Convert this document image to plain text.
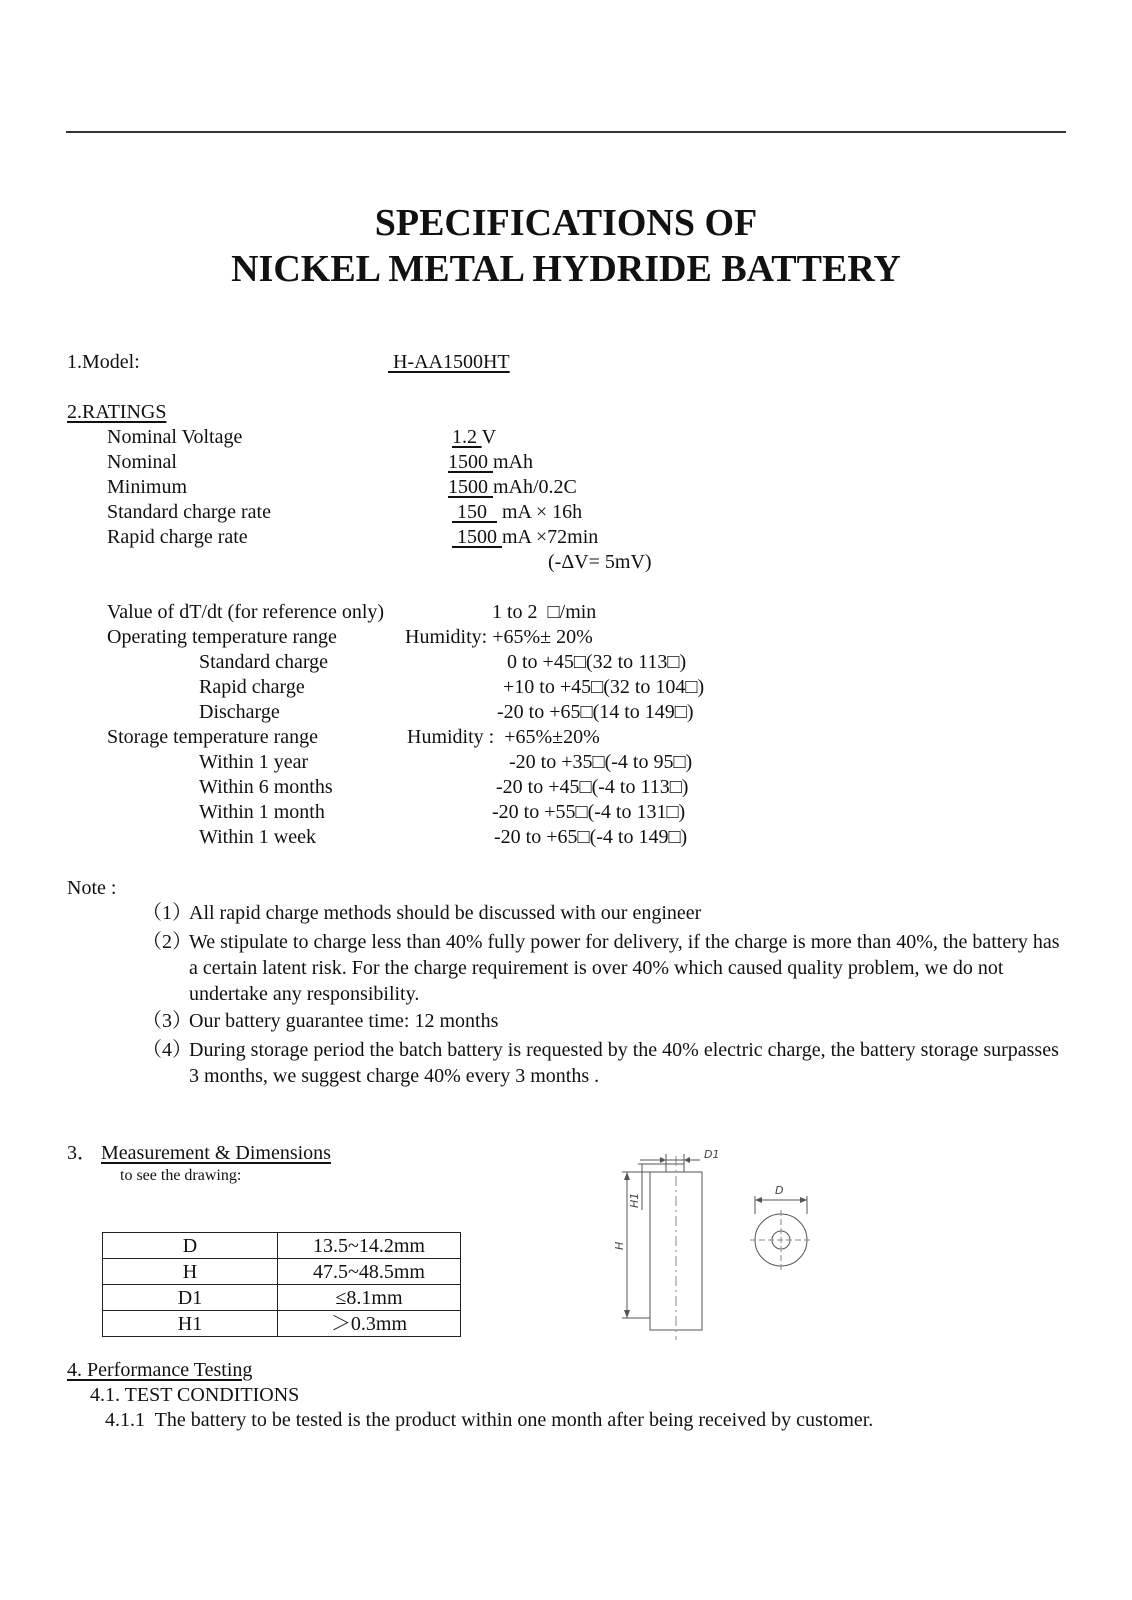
SPECIFICATIONS OF
NICKEL METAL HYDRIDE BATTERY
1.Model:	H-AA1500HT
2.RATINGS
Nominal Voltage	1.2 V
Nominal	1500 mAh
Minimum	1500 mAh/0.2C
Standard charge rate	150   mA × 16h
Rapid charge rate	1500 mA ×72min
(-ΔV= 5mV)
Value of dT/dt (for reference only)	1 to 2  □/min
Operating temperature range	Humidity: +65%± 20%
Standard charge	0 to +45□(32 to 113□)
Rapid charge	+10 to +45□(32 to 104□)
Discharge	-20 to +65□(14 to 149□)
Storage temperature range	Humidity :  +65%±20%
Within 1 year	-20 to +35□(-4 to 95□)
Within 6 months	-20 to +45□(-4 to 113□)
Within 1 month	-20 to +55□(-4 to 131□)
Within 1 week	-20 to +65□(-4 to 149□)
Note :
（1）
All rapid charge methods should be discussed with our engineer
（2）
We stipulate to charge less than 40% fully power for delivery, if the charge is more than 40%, the battery has a certain latent risk. For the charge requirement is over 40% which caused quality problem, we do not undertake any responsibility.
（3）
Our battery guarantee time: 12 months
（4）
During storage period the batch battery is requested by the 40% electric charge, the battery storage surpasses 3 months, we suggest charge 40% every 3 months .
3． Measurement & Dimensions
to see the drawing:
D	13.5~14.2mm
H	47.5~48.5mm
D1	≤8.1mm
H1	＞0.3mm
D1
D
H1
H
4. Performance Testing
4.1. TEST CONDITIONS
4.1.1  The battery to be tested is the product within one month after being received by customer.
